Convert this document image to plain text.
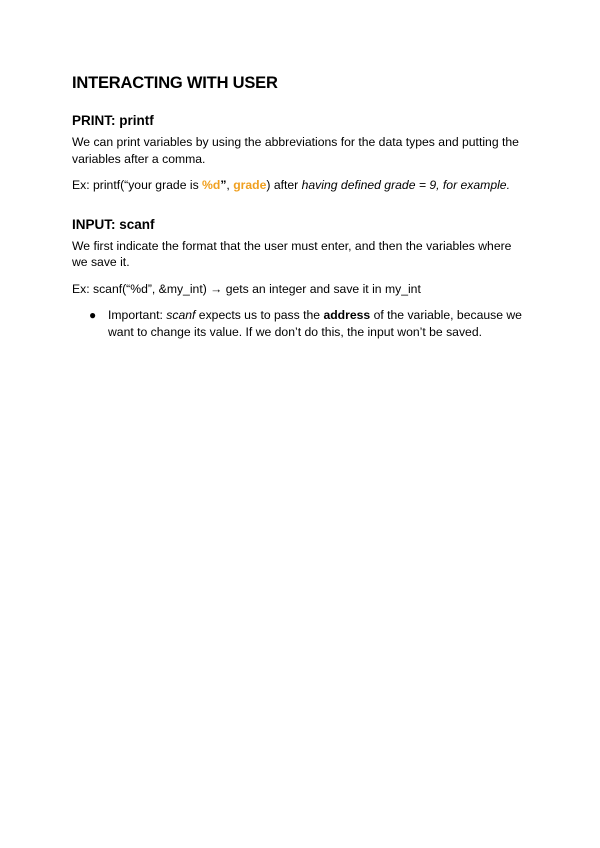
INTERACTING WITH USER
PRINT: printf

We can print variables by using the abbreviations for the data types and putting the variables after a comma.

Ex: printf(“your grade is %d”, grade) after having defined grade = 9, for example.

INPUT: scanf

We first indicate the format that the user must enter, and then the variables where we save it.

Ex: scanf(“%d”, &my_int) → gets an integer and save it in my_int

● Important: scanf expects us to pass the address of the variable, because we want to change its value. If we don’t do this, the input won’t be saved.
